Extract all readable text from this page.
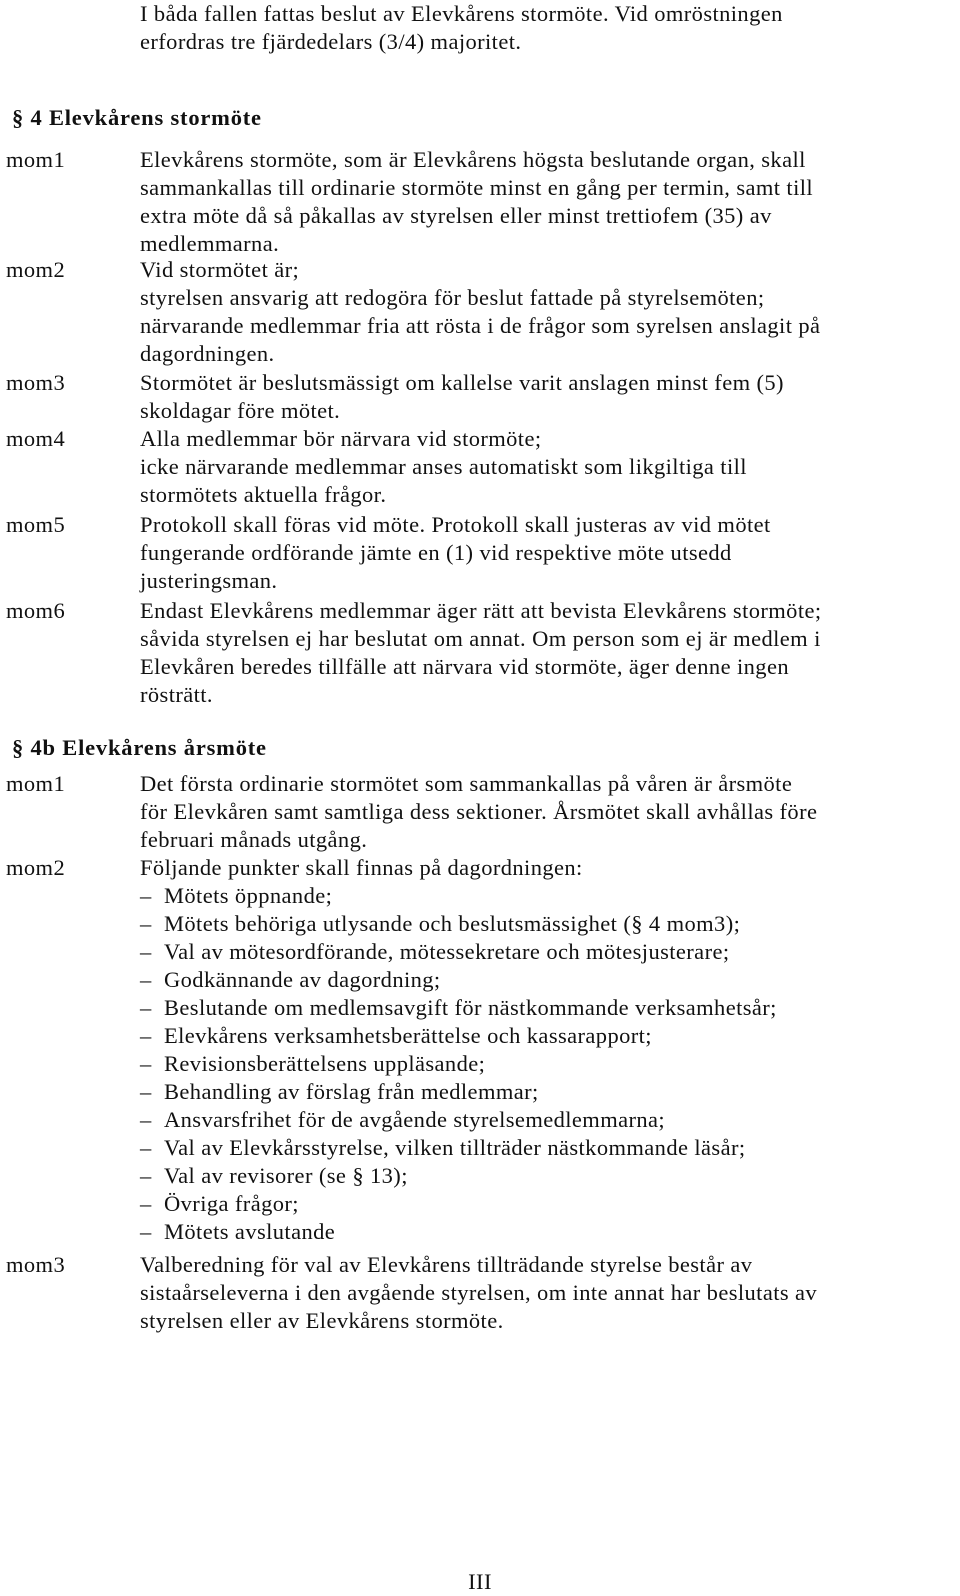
I båda fallen fattas beslut av Elevkårens stormöte. Vid omröstningen
erfordras tre fjärdedelars (3/4) majoritet.
§ 4 Elevkårens stormöte
mom1	Elevkårens stormöte, som är Elevkårens högsta beslutande organ, skall
sammankallas till ordinarie stormöte minst en gång per termin, samt till
extra möte då så påkallas av styrelsen eller minst trettiofem (35) av
medlemmarna.
mom2	Vid stormötet är;
styrelsen ansvarig att redogöra för beslut fattade på styrelsemöten;
närvarande medlemmar fria att rösta i de frågor som syrelsen anslagit på
dagordningen.
mom3	Stormötet är beslutsmässigt om kallelse varit anslagen minst fem (5)
skoldagar före mötet.
mom4	Alla medlemmar bör närvara vid stormöte;
icke närvarande medlemmar anses automatiskt som likgiltiga till
stormötets aktuella frågor.
mom5	Protokoll skall föras vid möte. Protokoll skall justeras av vid mötet
fungerande ordförande jämte en (1) vid respektive möte utsedd
justeringsman.
mom6	Endast Elevkårens medlemmar äger rätt att bevista Elevkårens stormöte;
såvida styrelsen ej har beslutat om annat. Om person som ej är medlem i
Elevkåren beredes tillfälle att närvara vid stormöte, äger denne ingen
rösträtt.
§ 4b Elevkårens årsmöte
mom1	Det första ordinarie stormötet som sammankallas på våren är årsmöte
för Elevkåren samt samtliga dess sektioner. Årsmötet skall avhållas före
februari månads utgång.
mom2	Följande punkter skall finnas på dagordningen:
– Mötets öppnande;
– Mötets behöriga utlysande och beslutsmässighet (§ 4 mom3);
– Val av mötesordförande, mötessekretare och mötesjusterare;
– Godkännande av dagordning;
– Beslutande om medlemsavgift för nästkommande verksamhetsår;
– Elevkårens verksamhetsberättelse och kassarapport;
– Revisionsberättelsens uppläsande;
– Behandling av förslag från medlemmar;
– Ansvarsfrihet för de avgående styrelsemedlemmarna;
– Val av Elevkårsstyrelse, vilken tillträder nästkommande läsår;
– Val av revisorer (se § 13);
– Övriga frågor;
– Mötets avslutande
mom3	Valberedning för val av Elevkårens tillträdande styrelse består av
sistaårseleverna i den avgående styrelsen, om inte annat har beslutats av
styrelsen eller av Elevkårens stormöte.
III
